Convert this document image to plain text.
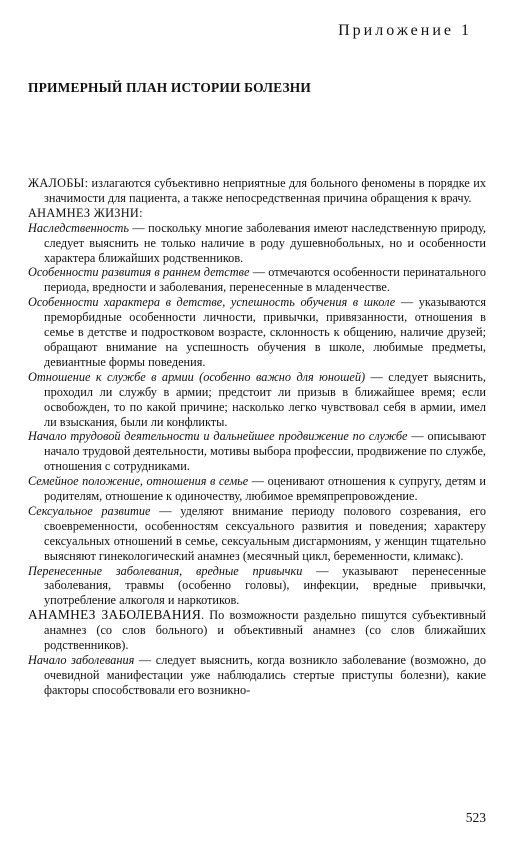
Приложение 1
ПРИМЕРНЫЙ ПЛАН ИСТОРИИ БОЛЕЗНИ

ЖАЛОБЫ: излагаются субъективно неприятные для больного феномены в порядке их значимости для пациента, а также непосредственная причина обращения к врачу.

АНАМНЕЗ ЖИЗНИ:

Наследственность — поскольку многие заболевания имеют наследственную природу, следует выяснить не только наличие в роду душевнобольных, но и особенности характера ближайших родственников.

Особенности развития в раннем детстве — отмечаются особенности перинатального периода, вредности и заболевания, перенесенные в младенчестве.

Особенности характера в детстве, успешность обучения в школе — указываются преморбидные особенности личности, привычки, привязанности, отношения в семье в детстве и подростковом возрасте, склонность к общению, наличие друзей; обращают внимание на успешность обучения в школе, любимые предметы, девиантные формы поведения.

Отношение к службе в армии (особенно важно для юношей) — следует выяснить, проходил ли службу в армии; предстоит ли призыв в ближайшее время; если освобожден, то по какой причине; насколько легко чувствовал себя в армии, имел ли взыскания, были ли конфликты.

Начало трудовой деятельности и дальнейшее продвижение по службе — описывают начало трудовой деятельности, мотивы выбора профессии, продвижение по службе, отношения с сотрудниками.

Семейное положение, отношения в семье — оценивают отношения к супругу, детям и родителям, отношение к одиночеству, любимое времяпрепровождение.

Сексуальное развитие — уделяют внимание периоду полового созревания, его своевременности, особенностям сексуального развития и поведения; характеру сексуальных отношений в семье, сексуальным дисгармониям, у женщин тщательно выясняют гинекологический анамнез (месячный цикл, беременности, климакс).

Перенесенные заболевания, вредные привычки — указывают перенесенные заболевания, травмы (особенно головы), инфекции, вредные привычки, употребление алкоголя и наркотиков.

АНАМНЕЗ ЗАБОЛЕВАНИЯ. По возможности раздельно пишутся субъективный анамнез (со слов больного) и объективный анамнез (со слов ближайших родственников).

Начало заболевания — следует выяснить, когда возникло заболевание (возможно, до очевидной манифестации уже наблюдались стертые приступы болезни), какие факторы способствовали его возникно-

523
